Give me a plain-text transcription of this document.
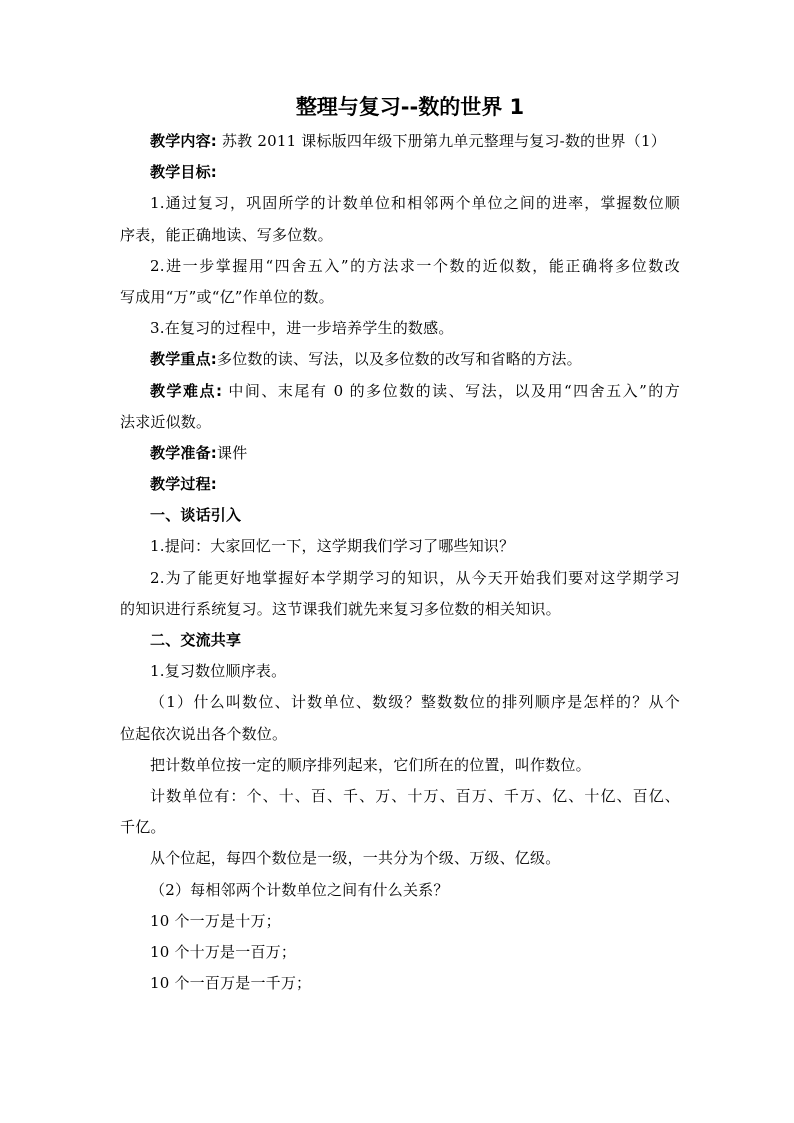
整理与复习--数的世界 1
教学内容: 苏教 2011 课标版四年级下册第九单元整理与复习-数的世界（1）
教学目标:
1.通过复习，巩固所学的计数单位和相邻两个单位之间的进率，掌握数位顺
序表，能正确地读、写多位数。
2.进一步掌握用“四舍五入”的方法求一个数的近似数，能正确将多位数改
写成用“万”或“亿”作单位的数。
3.在复习的过程中，进一步培养学生的数感。
教学重点:多位数的读、写法，以及多位数的改写和省略的方法。
教学难点: 中间、末尾有 0 的多位数的读、写法，以及用“四舍五入”的方
法求近似数。
教学准备:课件
教学过程:
一、谈话引入
1.提问：大家回忆一下，这学期我们学习了哪些知识？
2.为了能更好地掌握好本学期学习的知识，从今天开始我们要对这学期学习
的知识进行系统复习。这节课我们就先来复习多位数的相关知识。
二、交流共享
1.复习数位顺序表。
（1）什么叫数位、计数单位、数级？整数数位的排列顺序是怎样的？从个
位起依次说出各个数位。
把计数单位按一定的顺序排列起来，它们所在的位置，叫作数位。
计数单位有：个、十、百、千、万、十万、百万、千万、亿、十亿、百亿、
千亿。
从个位起，每四个数位是一级，一共分为个级、万级、亿级。
（2）每相邻两个计数单位之间有什么关系？
10 个一万是十万；
10 个十万是一百万；
10 个一百万是一千万；
